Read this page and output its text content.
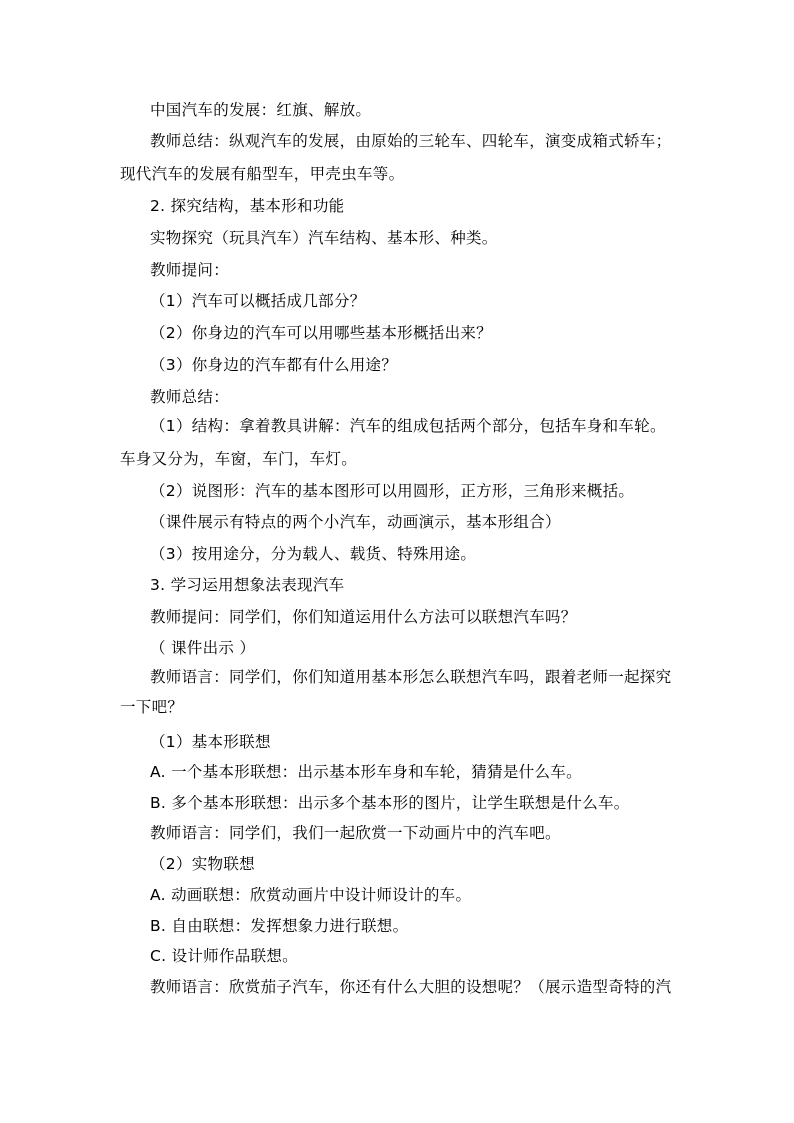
中国汽车的发展：红旗、解放。
教师总结：纵观汽车的发展，由原始的三轮车、四轮车，演变成箱式轿车；
现代汽车的发展有船型车，甲壳虫车等。
2. 探究结构，基本形和功能
实物探究（玩具汽车）汽车结构、基本形、种类。
教师提问：
（1）汽车可以概括成几部分？
（2）你身边的汽车可以用哪些基本形概括出来？
（3）你身边的汽车都有什么用途？
教师总结：
（1）结构：拿着教具讲解：汽车的组成包括两个部分，包括车身和车轮。
车身又分为，车窗，车门，车灯。
（2）说图形：汽车的基本图形可以用圆形，正方形，三角形来概括。
（课件展示有特点的两个小汽车，动画演示，基本形组合）
（3）按用途分，分为载人、载货、特殊用途。
3. 学习运用想象法表现汽车
教师提问：同学们，你们知道运用什么方法可以联想汽车吗？
（ 课件出示 ）
教师语言：同学们，你们知道用基本形怎么联想汽车吗，跟着老师一起探究
一下吧？
（1）基本形联想
A. 一个基本形联想：出示基本形车身和车轮，猜猜是什么车。
B. 多个基本形联想：出示多个基本形的图片，让学生联想是什么车。
教师语言：同学们，我们一起欣赏一下动画片中的汽车吧。
（2）实物联想
A. 动画联想：欣赏动画片中设计师设计的车。
B. 自由联想：发挥想象力进行联想。
C. 设计师作品联想。
教师语言：欣赏茄子汽车，你还有什么大胆的设想呢？（展示造型奇特的汽
